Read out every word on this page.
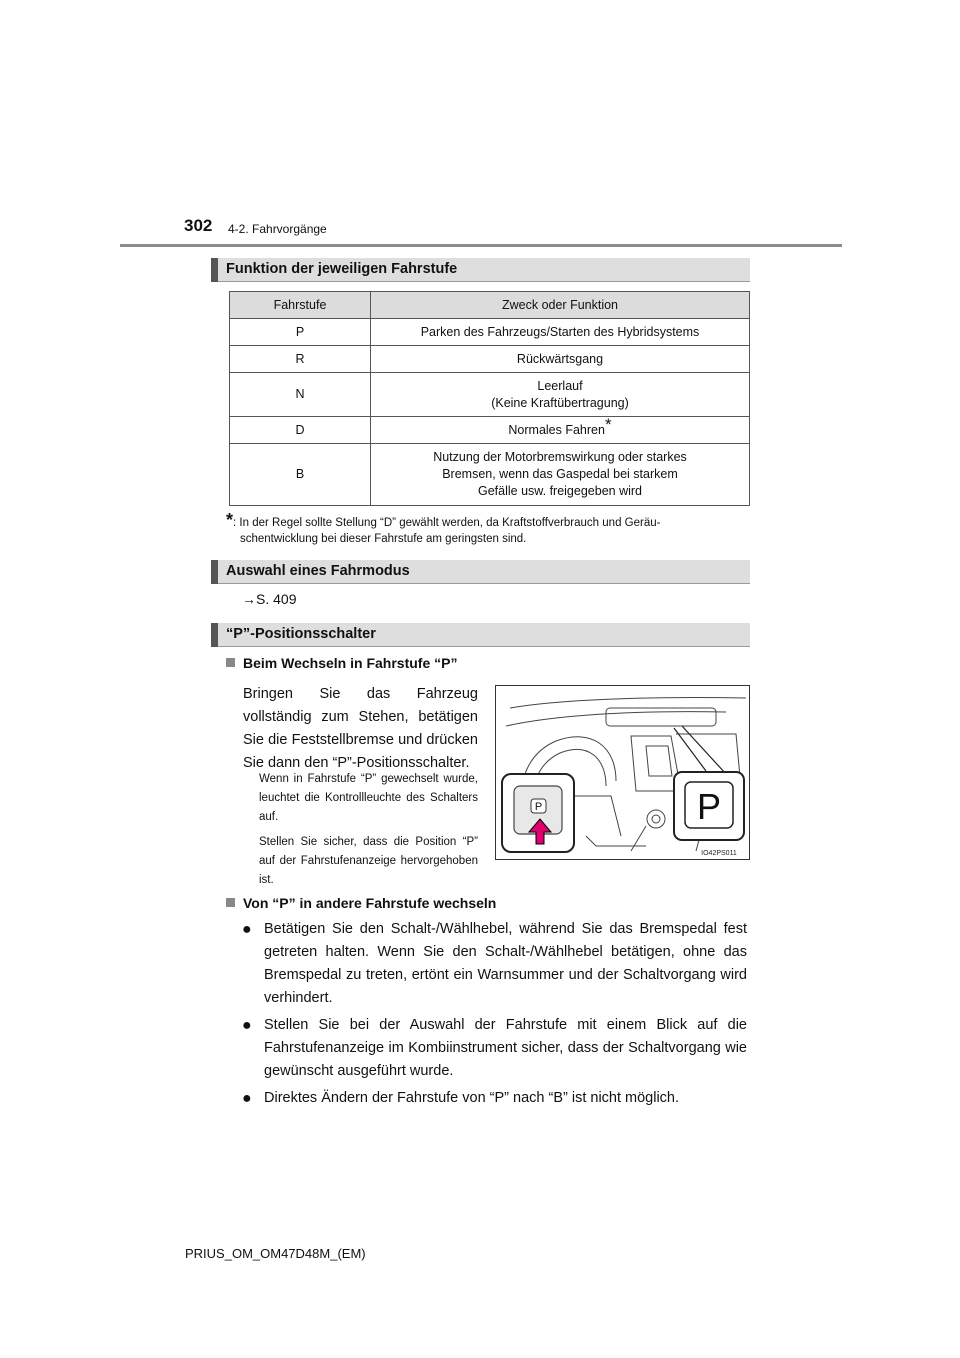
302 4-2. Fahrvorgänge
Funktion der jeweiligen Fahrstufe
Fahrstufe	Zweck oder Funktion
P	Parken des Fahrzeugs/Starten des Hybridsystems
R	Rückwärtsgang
N	Leerlauf
(Keine Kraftübertragung)

D	Normales Fahren*
B	Nutzung der Motorbremswirkung oder starkes
Bremsen, wenn das Gaspedal bei starkem
Gefälle usw. freigegeben wird
*: In der Regel sollte Stellung “D” gewählt werden, da Kraftstoffverbrauch und Geräu-
schentwicklung bei dieser Fahrstufe am geringsten sind.
Auswahl eines Fahrmodus
→S. 409
“P”-Positionsschalter
Beim Wechseln in Fahrstufe “P”
Bringen Sie das Fahrzeug vollständig zum Stehen, betätigen Sie die Feststellbremse und drücken Sie dann den “P”-Positionsschalter.
Wenn in Fahrstufe “P” gewechselt wurde, leuchtet die Kontrollleuchte des Schalters auf.
Stellen Sie sicher, dass die Position “P” auf der Fahrstufenanzeige hervorgehoben ist.
P	P
IO42PS011
Von “P” in andere Fahrstufe wechseln
● Betätigen Sie den Schalt-/Wählhebel, während Sie das Bremspedal fest getreten halten. Wenn Sie den Schalt-/Wählhebel betätigen, ohne das Bremspedal zu treten, ertönt ein Warnsummer und der Schaltvorgang wird verhindert.
● Stellen Sie bei der Auswahl der Fahrstufe mit einem Blick auf die Fahrstufenanzeige im Kombiinstrument sicher, dass der Schaltvorgang wie gewünscht ausgeführt wurde.
● Direktes Ändern der Fahrstufe von “P” nach “B” ist nicht möglich.
PRIUS_OM_OM47D48M_(EM)
